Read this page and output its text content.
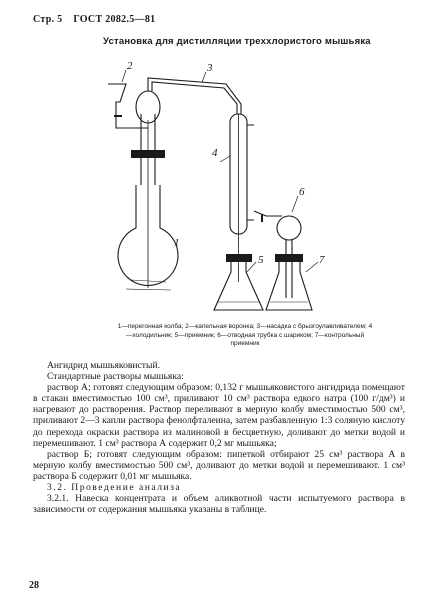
Стр. 5 ГОСТ 2082.5—81
Установка для дистилляции треххлористого мышьяка
2	3
1
4
6
5	7
1—перегонная колба; 2—капельная воронка; 3—насадка с брызгоулавливателем; 4—холодильник; 5—приемник; 6—отводная трубка с шариком; 7—контрольный приемник

Ангидрид мышьяковистый.

Стандартные растворы мышьяка:

раствор А; готовят следующим образом: 0,132 г мышьяковистого ангидрида помещают в стакан вместимостью 100 см³, приливают 10 см³ раствора едкого натра (100 г/дм³) и нагревают до растворения. Раствор переливают в мерную колбу вместимостью 500 см³, приливают 2—3 капли раствора фенолфталеина, затем разбавленную 1:3 соляную кислоту до перехода окраски раствора из малиновой в бесцветную, доливают до метки водой и перемешивают. 1 см³ раствора А содержит 0,2 мг мышьяка;

раствор Б; готовят следующим образом: пипеткой отбирают 25 см³ раствора А в мерную колбу вместимостью 500 см³, доливают до метки водой и перемешивают. 1 см³ раствора Б содержит 0,01 мг мышьяка.

3.2. Проведение анализа

3.2.1. Навеска концентрата и объем аликвотной части испытуемого раствора в зависимости от содержания мышьяка указаны в таблице.

28
